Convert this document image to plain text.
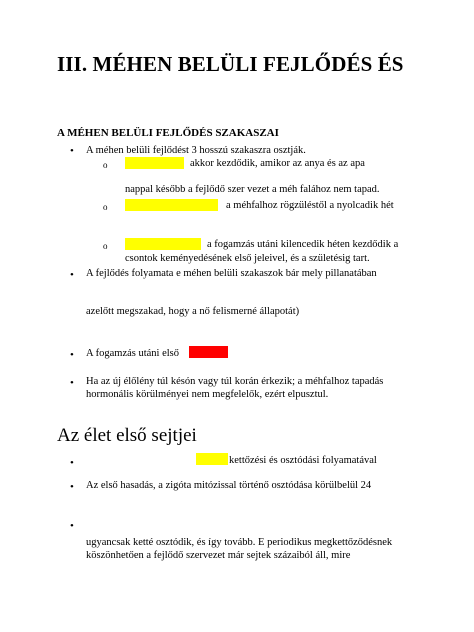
III. MÉHEN BELÜLI FEJLŐDÉS ÉS
A MÉHEN BELÜLI FEJLŐDÉS SZAKASZAI
• A méhen belüli fejlődést 3 hosszú szakaszra osztják.
o	akkor kezdődik, amikor az anya és az apa
nappal később a fejlődő szer vezet a méh falához nem tapad.
o	a méhfalhoz rögzüléstől a nyolcadik hét
o	a fogamzás utáni kilencedik héten kezdődik a
csontok keményedésének első jeleivel, és a születésig tart.
• A fejlődés folyamata e méhen belüli szakaszok bár mely pillanatában
azelőtt megszakad, hogy a nő felismerné állapotát)
• A fogamzás utáni első
• Ha az új élőlény túl késón vagy túl korán érkezik; a méhfalhoz tapadás
hormonális körülményei nem megfelelők, ezért elpusztul.
Az élet első sejtjei
•	kettőzési és osztódási folyamatával
• Az első hasadás, a zigóta mitózissal történő osztódása körülbelül 24
•
ugyancsak ketté osztódik, és így tovább. E periodikus megkettőződésnek
köszönhetően a fejlődő szervezet már sejtek százaiból áll, mire
